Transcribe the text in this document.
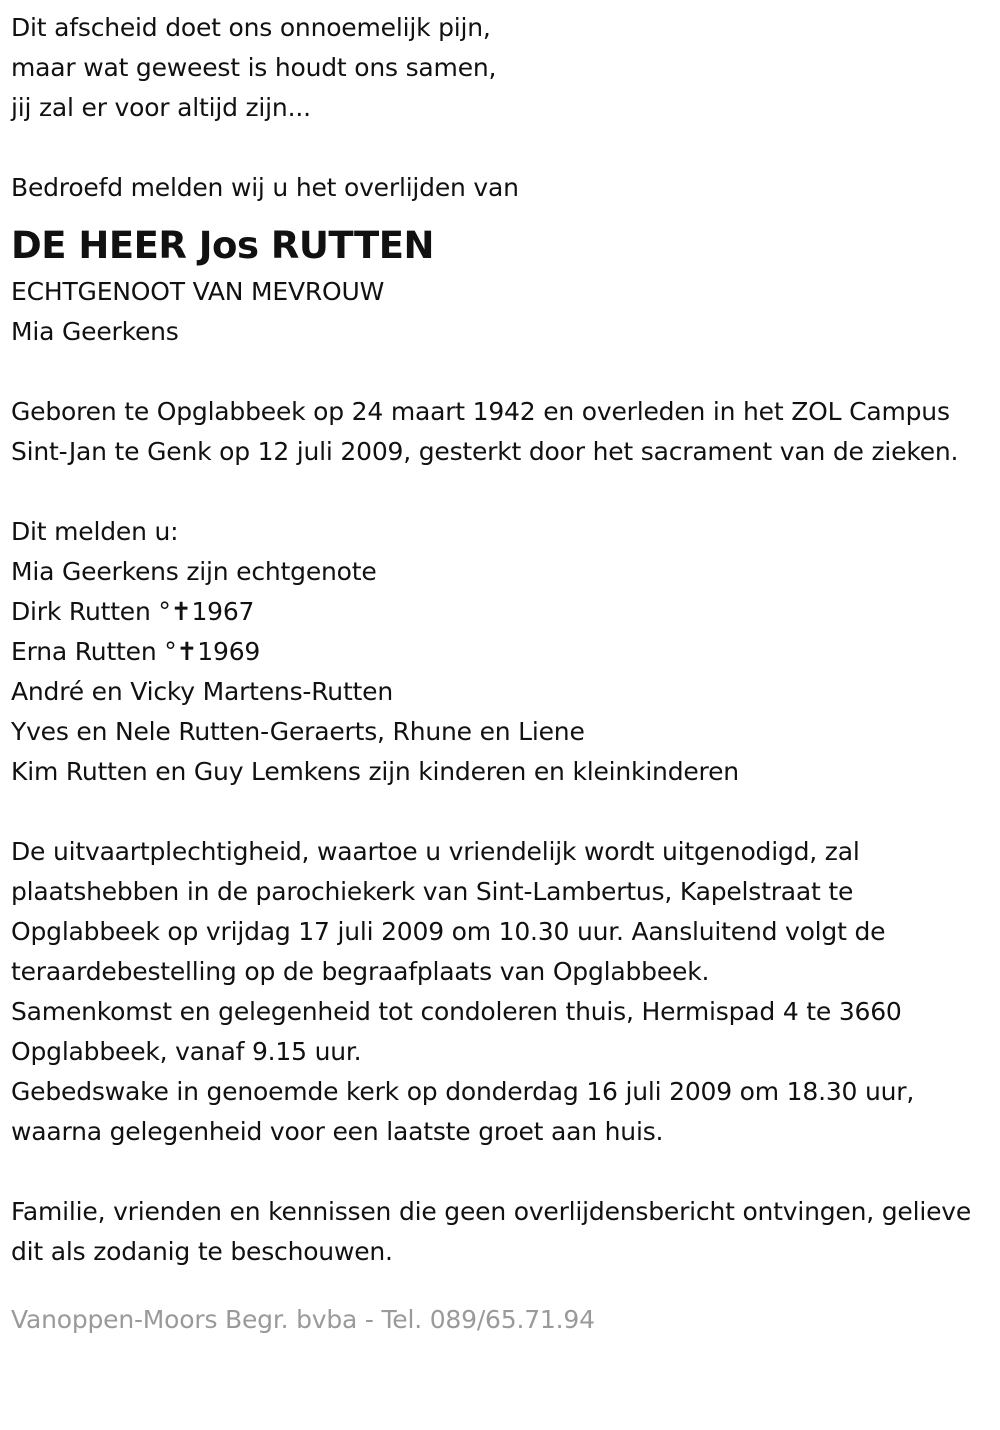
Dit afscheid doet ons onnoemelijk pijn,
maar wat geweest is houdt ons samen,
jij zal er voor altijd zijn...
Bedroefd melden wij u het overlijden van
DE HEER Jos RUTTEN
ECHTGENOOT VAN MEVROUW
Mia Geerkens
Geboren te Opglabbeek op 24 maart 1942 en overleden in het ZOL Campus Sint-Jan te Genk op 12 juli 2009, gesterkt door het sacrament van de zieken.
Dit melden u:
Mia Geerkens zijn echtgenote
Dirk Rutten °✝1967
Erna Rutten °✝1969
André en Vicky Martens-Rutten
Yves en Nele Rutten-Geraerts, Rhune en Liene
Kim Rutten en Guy Lemkens zijn kinderen en kleinkinderen
De uitvaartplechtigheid, waartoe u vriendelijk wordt uitgenodigd, zal plaatshebben in de parochiekerk van Sint-Lambertus, Kapelstraat te Opglabbeek op vrijdag 17 juli 2009 om 10.30 uur. Aansluitend volgt de teraardebestelling op de begraafplaats van Opglabbeek.
Samenkomst en gelegenheid tot condoleren thuis, Hermispad 4 te 3660 Opglabbeek, vanaf 9.15 uur.
Gebedswake in genoemde kerk op donderdag 16 juli 2009 om 18.30 uur, waarna gelegenheid voor een laatste groet aan huis.
Familie, vrienden en kennissen die geen overlijdensbericht ontvingen, gelieve dit als zodanig te beschouwen.
Vanoppen-Moors Begr. bvba - Tel. 089/65.71.94
